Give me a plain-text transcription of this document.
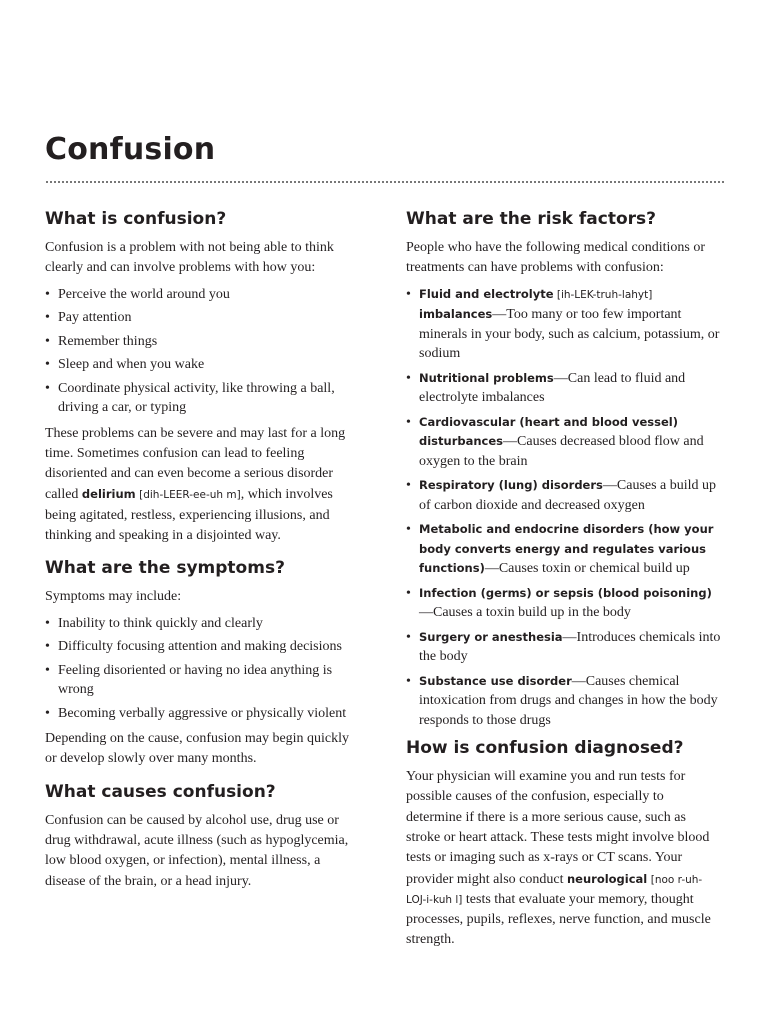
Confusion
What is confusion?

Confusion is a problem with not being able to think clearly and can involve problems with how you:

• Perceive the world around you
• Pay attention
• Remember things
• Sleep and when you wake
• Coordinate physical activity, like throwing a ball, driving a car, or typing

These problems can be severe and may last for a long time. Sometimes confusion can lead to feeling disoriented and can even become a serious disorder called delirium [dih-LEER-ee-uh m], which involves being agitated, restless, experiencing illusions, and thinking and speaking in a disjointed way.

What are the symptoms?

Symptoms may include:

• Inability to think quickly and clearly
• Difficulty focusing attention and making decisions
• Feeling disoriented or having no idea anything is wrong
• Becoming verbally aggressive or physically violent

Depending on the cause, confusion may begin quickly or develop slowly over many months.

What causes confusion?

Confusion can be caused by alcohol use, drug use or drug withdrawal, acute illness (such as hypoglycemia, low blood oxygen, or infection), mental illness, a disease of the brain, or a head injury.

What are the risk factors?

People who have the following medical conditions or treatments can have problems with confusion:

• Fluid and electrolyte [ih-LEK-truh-lahyt] imbalances—Too many or too few important minerals in your body, such as calcium, potassium, or sodium
• Nutritional problems—Can lead to fluid and electrolyte imbalances
• Cardiovascular (heart and blood vessel) disturbances—Causes decreased blood flow and oxygen to the brain
• Respiratory (lung) disorders—Causes a build up of carbon dioxide and decreased oxygen
• Metabolic and endocrine disorders (how your body converts energy and regulates various functions)—Causes toxin or chemical build up
• Infection (germs) or sepsis (blood poisoning)—Causes a toxin build up in the body
• Surgery or anesthesia—Introduces chemicals into the body
• Substance use disorder—Causes chemical intoxication from drugs and changes in how the body responds to those drugs
How is confusion diagnosed?

Your physician will examine you and run tests for possible causes of the confusion, especially to determine if there is a more serious cause, such as stroke or heart attack. These tests might involve blood tests or imaging such as x-rays or CT scans. Your provider might also conduct neurological [noo r-uh-LOJ-i-kuh l] tests that evaluate your memory, thought processes, pupils, reflexes, nerve function, and muscle strength.
